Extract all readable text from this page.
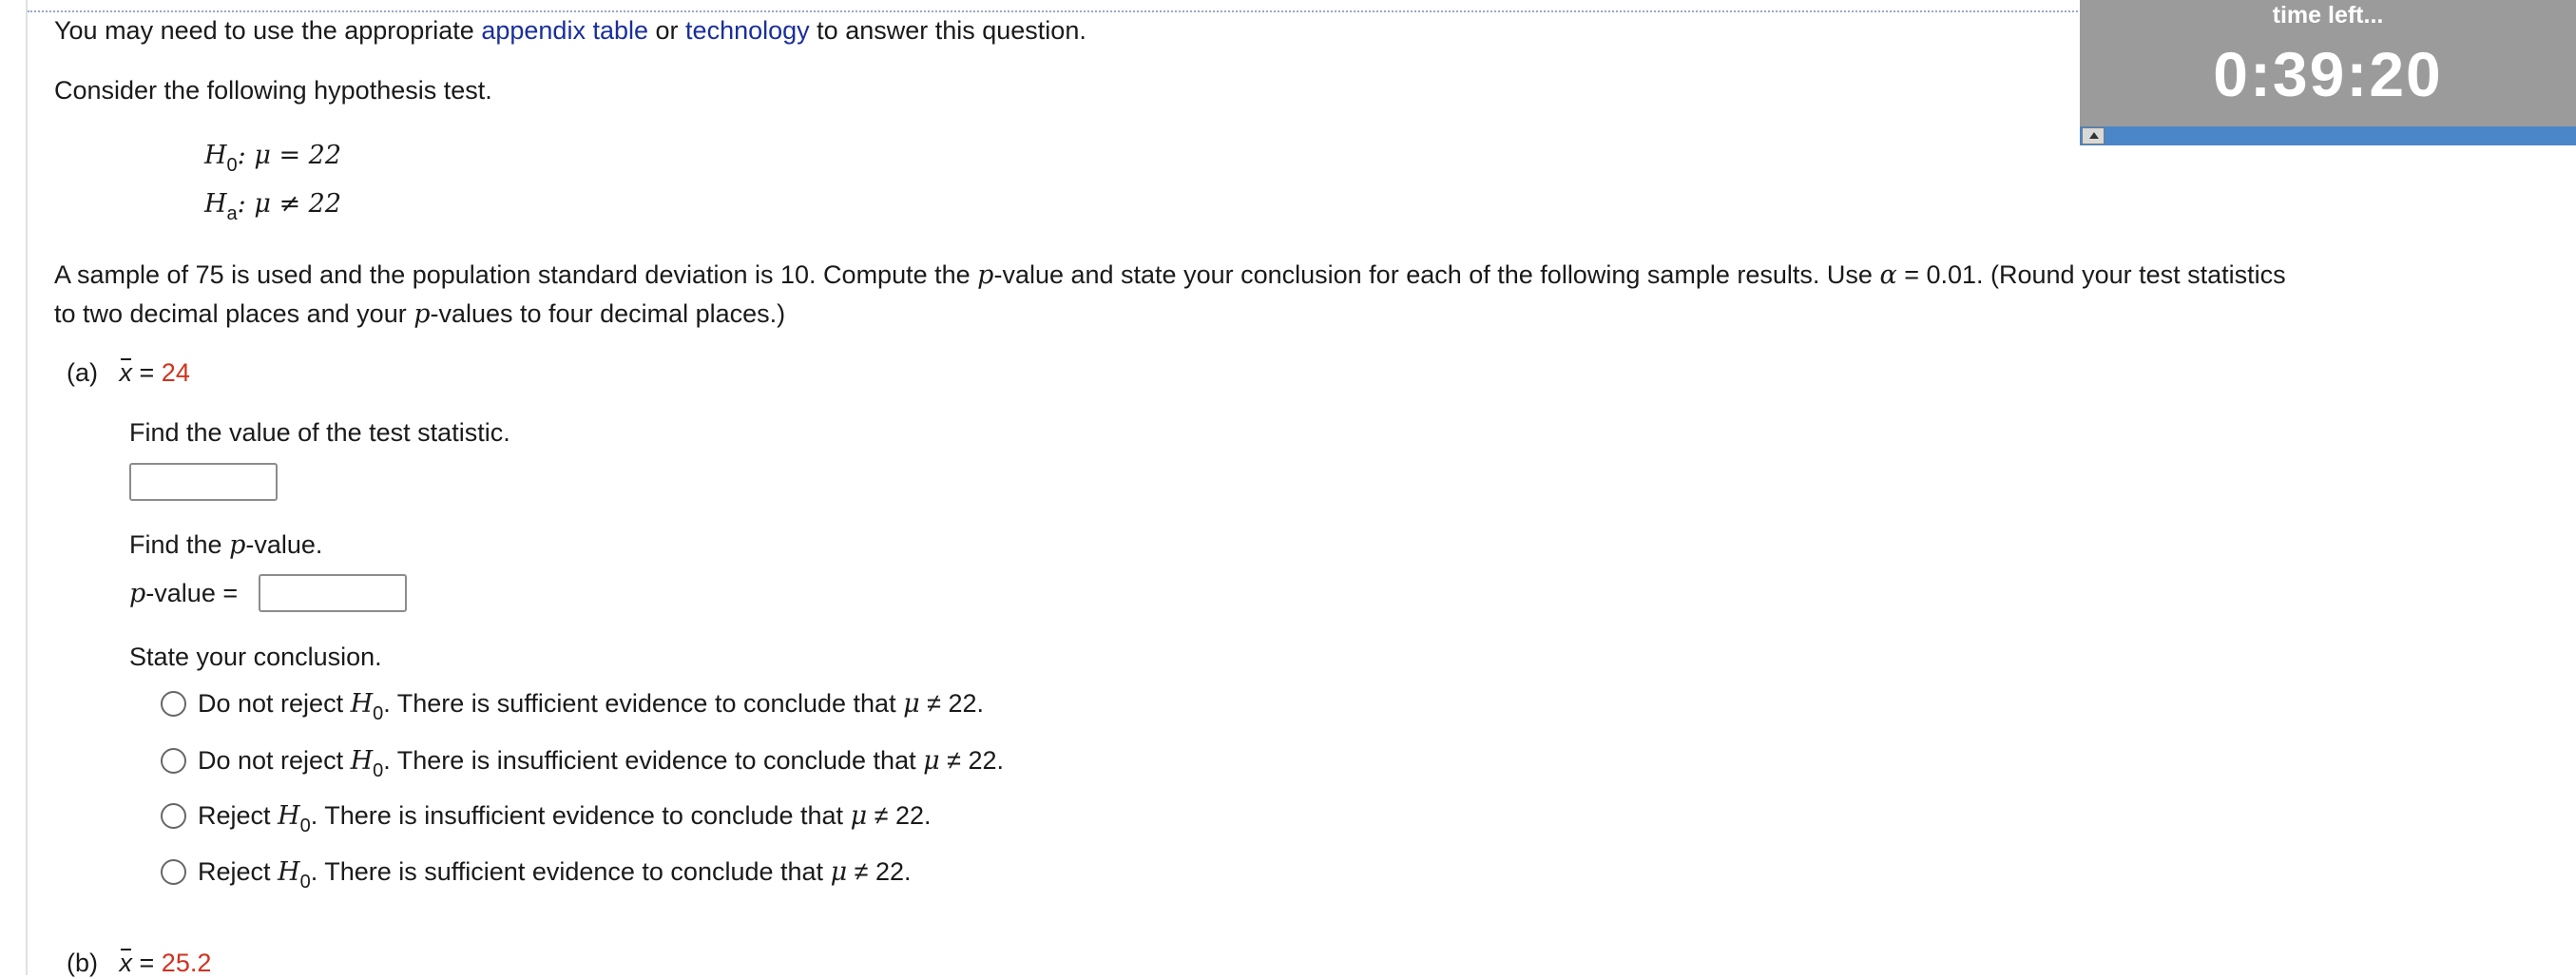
You may need to use the appropriate appendix table or technology to answer this question.
Consider the following hypothesis test.
$H_0$: μ = 22
$H_a$: μ ≠ 22
A sample of 75 is used and the population standard deviation is 10. Compute the p-value and state your conclusion for each of the following sample results. Use α = 0.01. (Round your test statistics
to two decimal places and your p-values to four decimal places.)
(a) x = 24
Find the value of the test statistic.
Find the p-value.
p-value =
State your conclusion.
Do not reject $H_0$. There is sufficient evidence to conclude that μ ≠ 22.
Do not reject $H_0$. There is insufficient evidence to conclude that μ ≠ 22.
Reject $H_0$. There is insufficient evidence to conclude that μ ≠ 22.
Reject $H_0$. There is sufficient evidence to conclude that μ ≠ 22.
(b) x = 25.2
time left...
0:39:20
